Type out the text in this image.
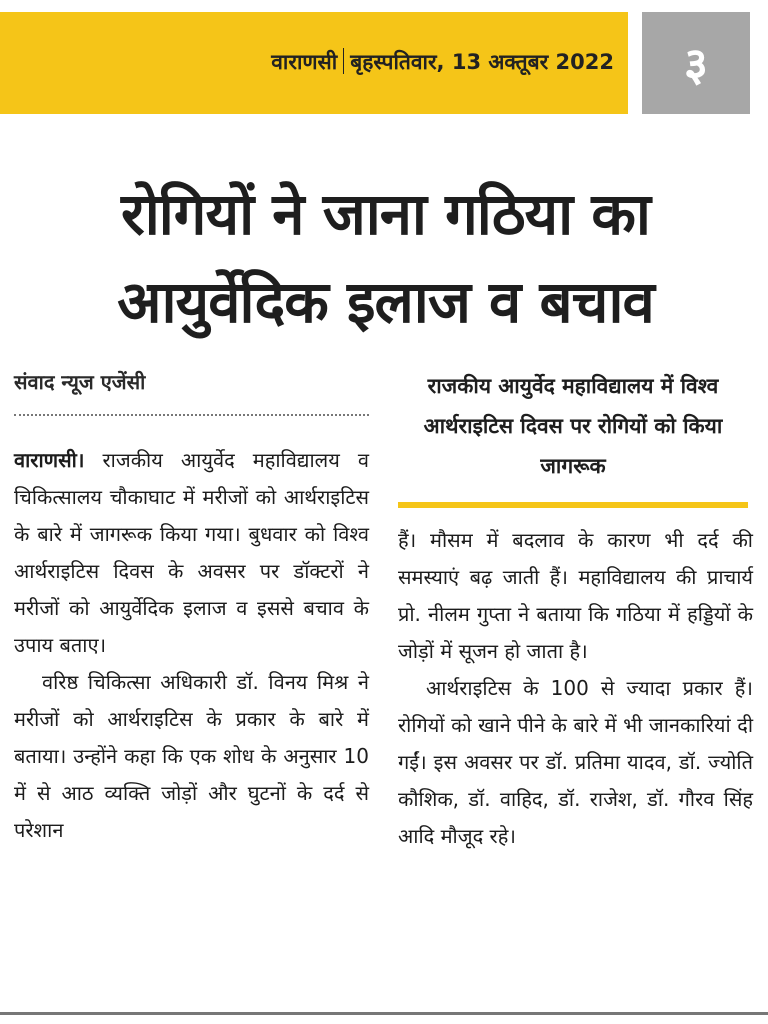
वाराणसी बृहस्पतिवार, 13 अक्तूबर 2022 ३
रोगियों ने जाना गठिया का
आयुर्वेदिक इलाज व बचाव
संवाद न्यूज एजेंसी	राजकीय आयुर्वेद महाविद्यालय में विश्व आर्थराइटिस दिवस पर रोगियों को किया जागरूक

वाराणसी। राजकीय आयुर्वेद महाविद्यालय व चिकित्सालय चौकाघाट में मरीजों को आर्थराइटिस के बारे में जागरूक किया गया। बुधवार को विश्व आर्थराइटिस दिवस के अवसर पर डॉक्टरों ने मरीजों को आयुर्वेदिक इलाज व इससे बचाव के उपाय बताए।

वरिष्ठ चिकित्सा अधिकारी डॉ. विनय मिश्र ने मरीजों को आर्थराइटिस के प्रकार के बारे में बताया। उन्होंने कहा कि एक शोध के अनुसार 10 में से आठ व्यक्ति जोड़ों और घुटनों के दर्द से परेशान

हैं। मौसम में बदलाव के कारण भी दर्द की समस्याएं बढ़ जाती हैं। महाविद्यालय की प्राचार्य प्रो. नीलम गुप्ता ने बताया कि गठिया में हड्डियों के जोड़ों में सूजन हो जाता है।

आर्थराइटिस के 100 से ज्यादा प्रकार हैं। रोगियों को खाने पीने के बारे में भी जानकारियां दी गईं। इस अवसर पर डॉ. प्रतिमा यादव, डॉ. ज्योति कौशिक, डॉ. वाहिद, डॉ. राजेश, डॉ. गौरव सिंह आदि मौजूद रहे।
